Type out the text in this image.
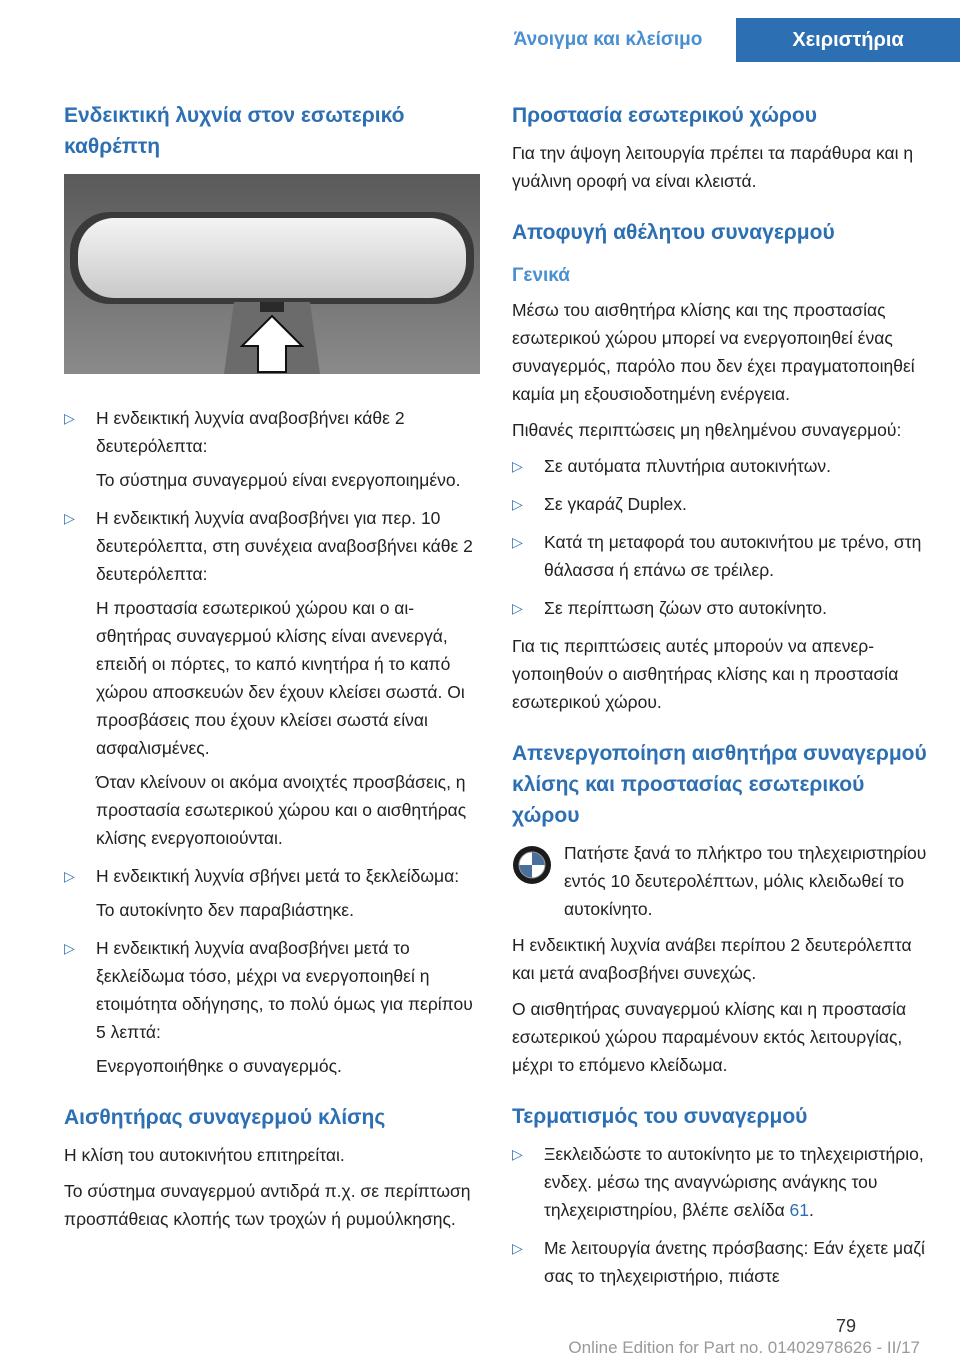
Άνοιγμα και κλείσιμο	Χειριστήρια
Ενδεικτική λυχνία στον εσωτερικό καθρέπτη
▷ Η ενδεικτική λυχνία αναβοσβήνει κάθε 2 δευτερόλεπτα:

Το σύστημα συναγερμού είναι ενεργοποιημένο.

▷ Η ενδεικτική λυχνία αναβοσβήνει για περ. 10 δευτερόλεπτα, στη συνέχεια αναβοσβήνει κάθε 2 δευτερόλεπτα:

Η προστασία εσωτερικού χώρου και ο αισθητήρας συναγερμού κλίσης είναι ανενεργά, επειδή οι πόρτες, το καπό κινητήρα ή το καπό χώρου αποσκευών δεν έχουν κλείσει σωστά. Οι προσβάσεις που έχουν κλείσει σωστά είναι ασφαλισμένες.

Όταν κλείνουν οι ακόμα ανοιχτές προσβάσεις, η προστασία εσωτερικού χώρου και ο αισθητήρας κλίσης ενεργοποιούνται.

▷ Η ενδεικτική λυχνία σβήνει μετά το ξεκλείδωμα:

Το αυτοκίνητο δεν παραβιάστηκε.

▷ Η ενδεικτική λυχνία αναβοσβήνει μετά το ξεκλείδωμα τόσο, μέχρι να ενεργοποιηθεί η ετοιμότητα οδήγησης, το πολύ όμως για περίπου 5 λεπτά:

Ενεργοποιήθηκε ο συναγερμός.

Αισθητήρας συναγερμού κλίσης

Η κλίση του αυτοκινήτου επιτηρείται.

Το σύστημα συναγερμού αντιδρά π.χ. σε περίπτωση προσπάθειας κλοπής των τροχών ή ρυμούλκησης.

Προστασία εσωτερικού χώρου

Για την άψογη λειτουργία πρέπει τα παράθυρα και η γυάλινη οροφή να είναι κλειστά.

Αποφυγή αθέλητου συναγερμού
Γενικά

Μέσω του αισθητήρα κλίσης και της προστασίας εσωτερικού χώρου μπορεί να ενεργοποιηθεί ένας συναγερμός, παρόλο που δεν έχει πραγματοποιηθεί καμία μη εξουσιοδοτημένη ενέργεια.

Πιθανές περιπτώσεις μη ηθελημένου συναγερμού:

▷ Σε αυτόματα πλυντήρια αυτοκινήτων.
▷ Σε γκαράζ Duplex.
▷ Κατά τη μεταφορά του αυτοκινήτου με τρένο, στη θάλασσα ή επάνω σε τρέιλερ.
▷ Σε περίπτωση ζώων στο αυτοκίνητο.

Για τις περιπτώσεις αυτές μπορούν να απενεργοποιηθούν ο αισθητήρας κλίσης και η προστασία εσωτερικού χώρου.

Απενεργοποίηση αισθητήρα συναγερμού κλίσης και προστασίας εσωτερικού χώρου

Πατήστε ξανά το πλήκτρο του τηλεχειριστηρίου εντός 10 δευτερολέπτων, μόλις κλειδωθεί το αυτοκίνητο.

Η ενδεικτική λυχνία ανάβει περίπου 2 δευτερόλεπτα και μετά αναβοσβήνει συνεχώς.

Ο αισθητήρας συναγερμού κλίσης και η προστασία εσωτερικού χώρου παραμένουν εκτός λειτουργίας, μέχρι το επόμενο κλείδωμα.

Τερματισμός του συναγερμού
▷ Ξεκλειδώστε το αυτοκίνητο με το τηλεχειριστήριο, ενδεχ. μέσω της αναγνώρισης ανάγκης του τηλεχειριστηρίου, βλέπε σελίδα 61.
▷ Με λειτουργία άνετης πρόσβασης: Εάν έχετε μαζί σας το τηλεχειριστήριο, πιάστε
79
Online Edition for Part no. 01402978626 - II/17
